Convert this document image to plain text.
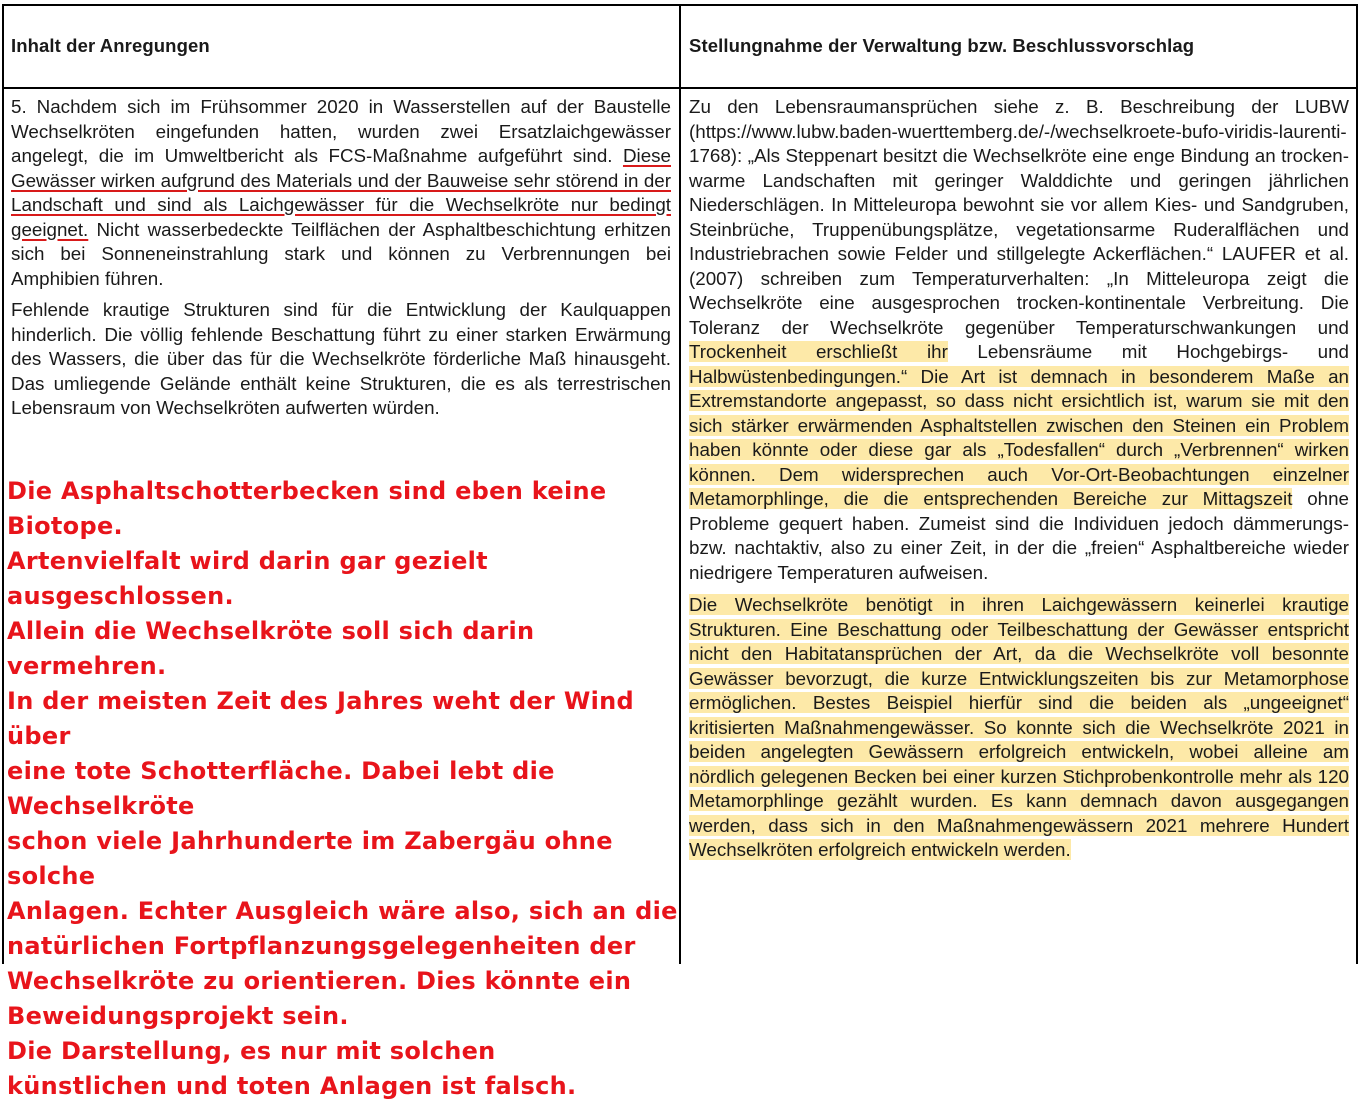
Inhalt der Anregungen	Stellungnahme der Verwaltung bzw. Beschlussvorschlag

5. Nachdem sich im Frühsommer 2020 in Wasserstellen auf der Baustelle Wechselkröten eingefunden hatten, wurden zwei Ersatzlaichgewässer angelegt, die im Umweltbericht als FCS-Maßnahme aufgeführt sind. Diese Gewässer wirken aufgrund des Materials und der Bauweise sehr störend in der Landschaft und sind als Laichgewässer für die Wechselkröte nur bedingt geeignet. Nicht wasserbedeckte Teilflächen der Asphaltbeschichtung erhitzen sich bei Sonneneinstrahlung stark und können zu Verbrennungen bei Amphibien führen.

Fehlende krautige Strukturen sind für die Entwicklung der Kaulquappen hinderlich. Die völlig fehlende Beschattung führt zu einer starken Erwärmung des Wassers, die über das für die Wechselkröte förderliche Maß hinausgeht. Das umliegende Gelände enthält keine Strukturen, die es als terrestrischen Lebensraum von Wechselkröten aufwerten würden.

Die Asphaltschotterbecken sind eben keine Biotope.
Artenvielfalt wird darin gar gezielt ausgeschlossen.
Allein die Wechselkröte soll sich darin vermehren.
In der meisten Zeit des Jahres weht der Wind über
eine tote Schotterfläche. Dabei lebt die Wechselkröte
schon viele Jahrhunderte im Zabergäu ohne solche
Anlagen. Echter Ausgleich wäre also, sich an die
natürlichen Fortpflanzungsgelegenheiten der
Wechselkröte zu orientieren. Dies könnte ein
Beweidungsprojekt sein.

Die Darstellung, es nur mit solchen
künstlichen und toten Anlagen ist falsch.

Zu den Lebensraumansprüchen siehe z. B. Beschreibung der LUBW (https://www.lubw.baden-wuerttemberg.de/-/wechselkroete-bufo-viridis-laurenti-1768): „Als Steppenart besitzt die Wechselkröte eine enge Bindung an trocken-warme Landschaften mit geringer Walddichte und geringen jährlichen Niederschlägen. In Mitteleuropa bewohnt sie vor allem Kies- und Sandgruben, Steinbrüche, Truppenübungsplätze, vegetationsarme Ruderalflächen und Industriebrachen sowie Felder und stillgelegte Ackerflächen.“ LAUFER et al. (2007) schreiben zum Temperaturverhalten: „In Mitteleuropa zeigt die Wechselkröte eine ausgesprochen trocken-kontinentale Verbreitung. Die Toleranz der Wechselkröte gegenüber Temperaturschwankungen und Trockenheit erschließt ihr Lebensräume mit Hochgebirgs- und Halbwüstenbedingungen.“ Die Art ist demnach in besonderem Maße an Extremstandorte angepasst, so dass nicht ersichtlich ist, warum sie mit den sich stärker erwärmenden Asphaltstellen zwischen den Steinen ein Problem haben könnte oder diese gar als „Todesfallen“ durch „Verbrennen“ wirken können. Dem widersprechen auch Vor-Ort-Beobachtungen einzelner Metamorphlinge, die die entsprechenden Bereiche zur Mittagszeit ohne Probleme gequert haben. Zumeist sind die Individuen jedoch dämmerungs- bzw. nachtaktiv, also zu einer Zeit, in der die „freien“ Asphaltbereiche wieder niedrigere Temperaturen aufweisen.

Die Wechselkröte benötigt in ihren Laichgewässern keinerlei krautige Strukturen. Eine Beschattung oder Teilbeschattung der Gewässer entspricht nicht den Habitatansprüchen der Art, da die Wechselkröte voll besonnte Gewässer bevorzugt, die kurze Entwicklungszeiten bis zur Metamorphose ermöglichen. Bestes Beispiel hierfür sind die beiden als „ungeeignet“ kritisierten Maßnahmengewässer. So konnte sich die Wechselkröte 2021 in beiden angelegten Gewässern erfolgreich entwickeln, wobei alleine am nördlich gelegenen Becken bei einer kurzen Stichprobenkontrolle mehr als 120 Metamorphlinge gezählt wurden. Es kann demnach davon ausgegangen werden, dass sich in den Maßnahmengewässern 2021 mehrere Hundert Wechselkröten erfolgreich entwickeln werden.
